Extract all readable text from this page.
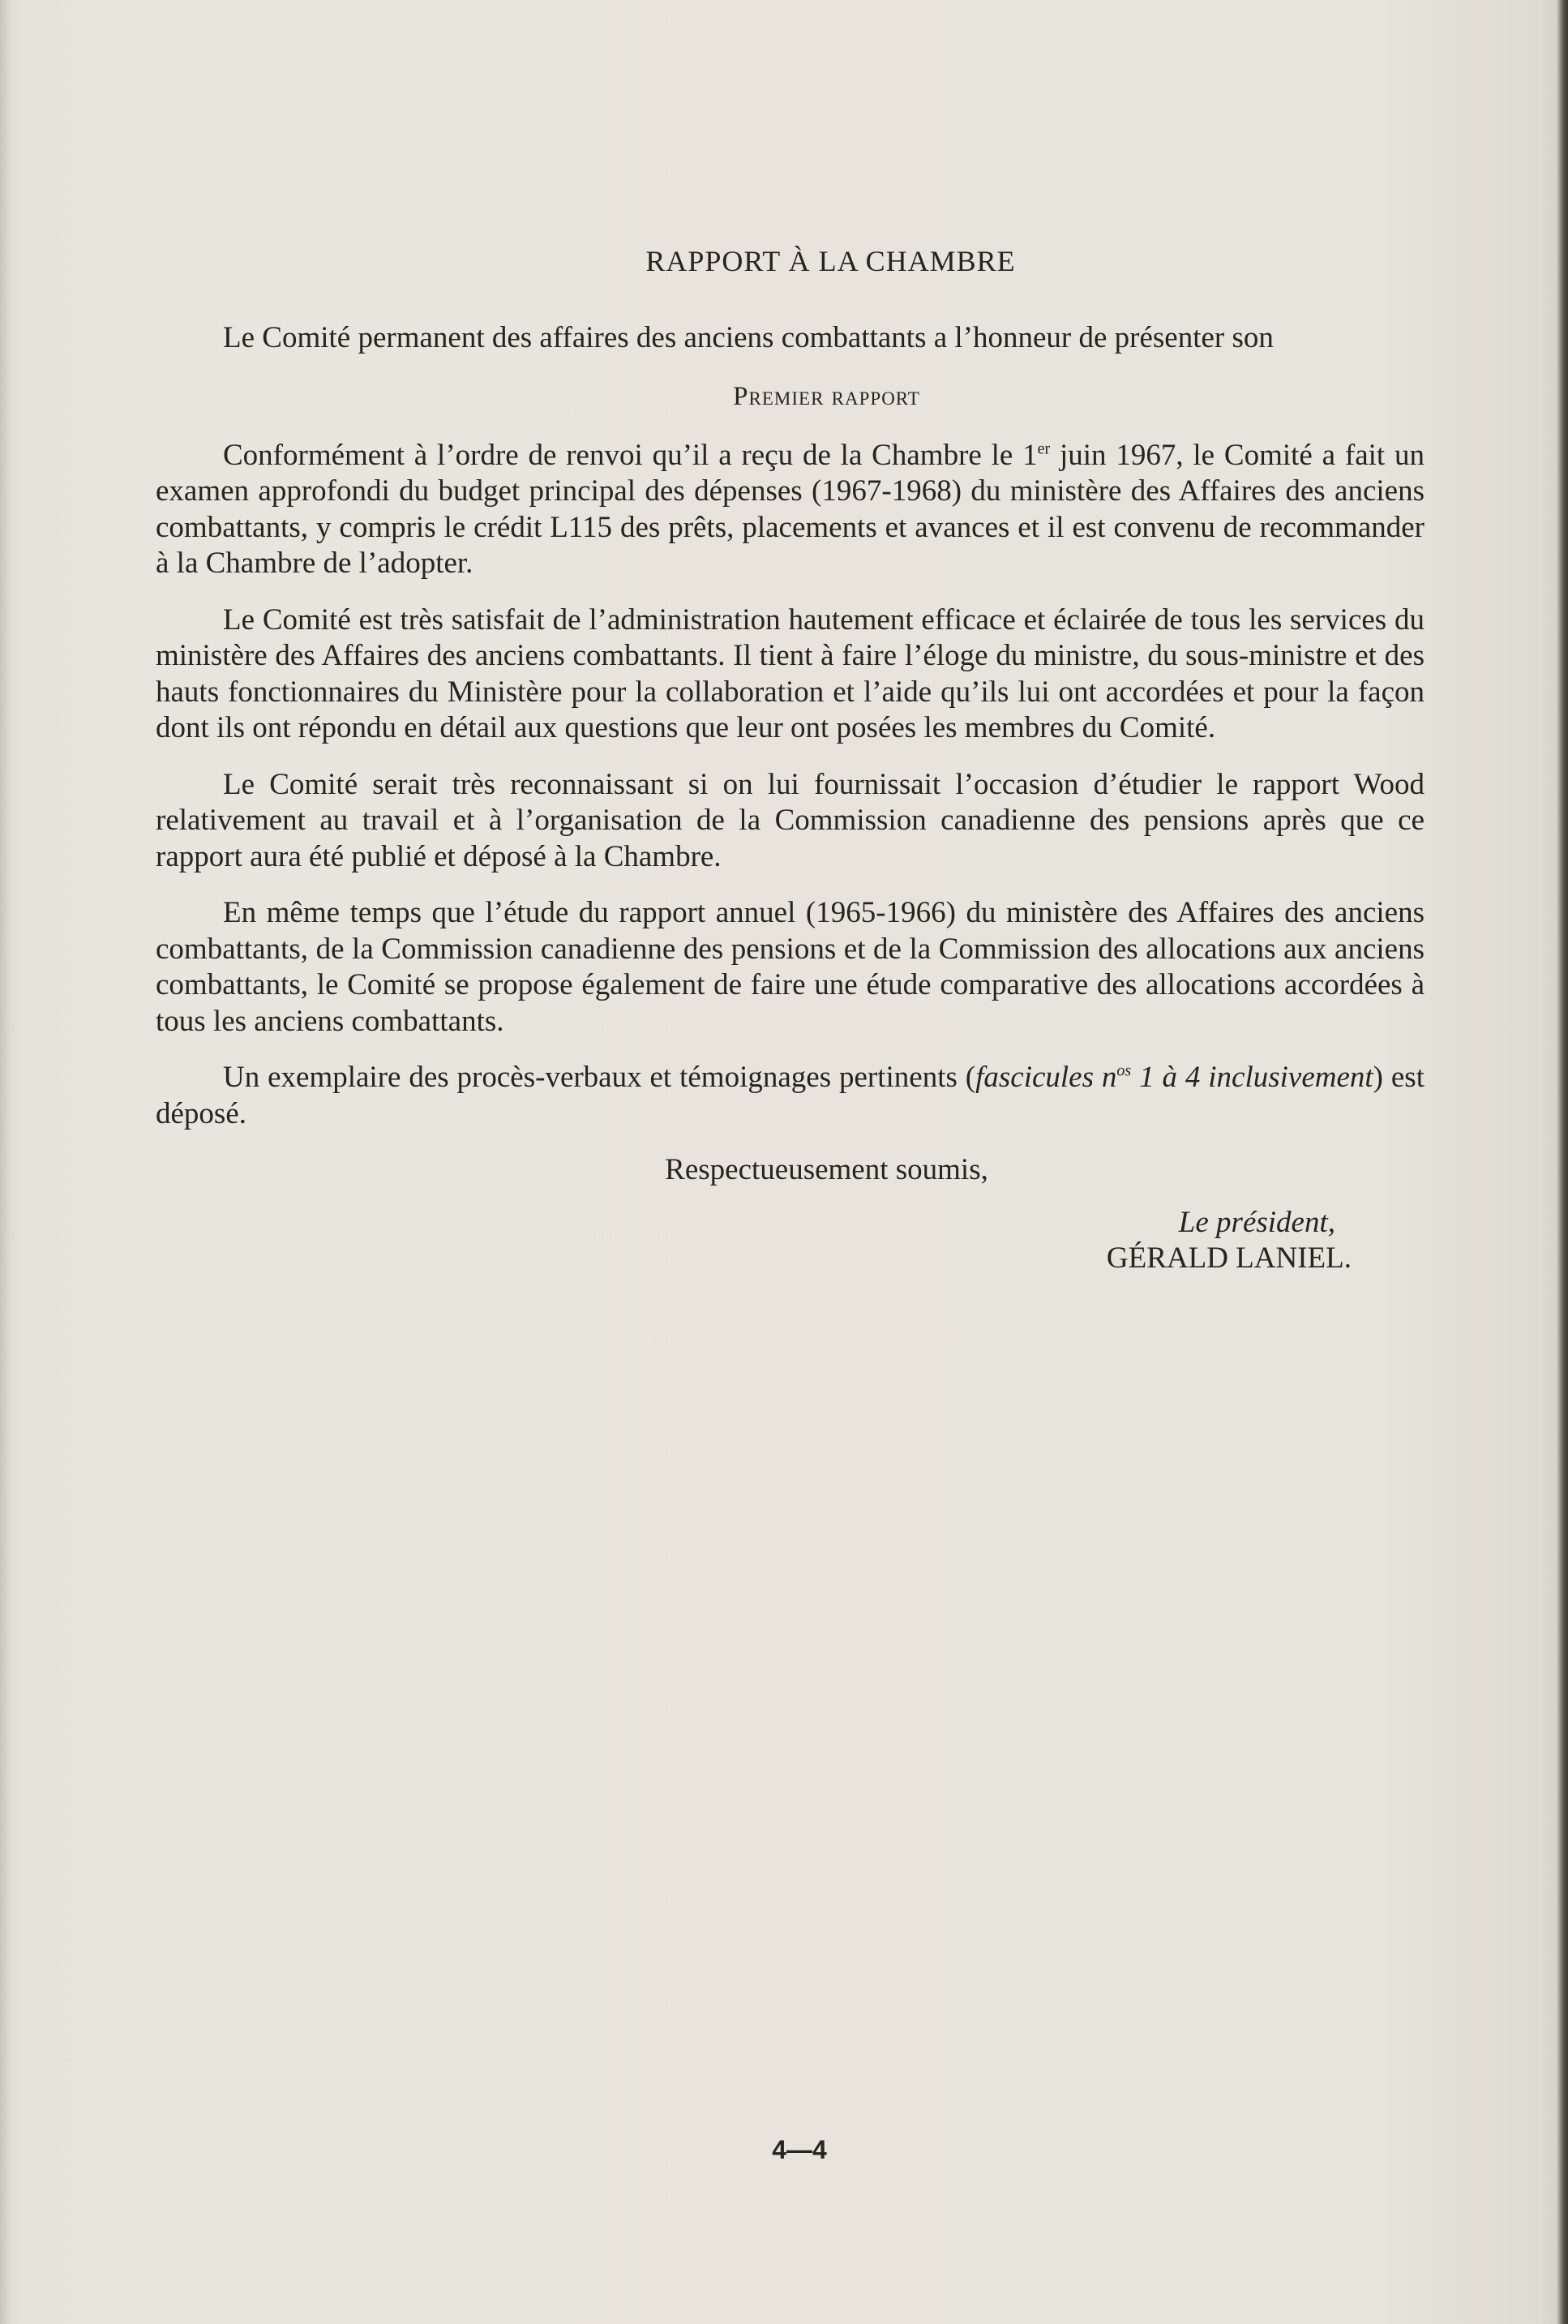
RAPPORT À LA CHAMBRE

Le Comité permanent des affaires des anciens combattants a l’honneur de présenter son

Premier rapport

Conformément à l’ordre de renvoi qu’il a reçu de la Chambre le 1er juin 1967, le Comité a fait un examen approfondi du budget principal des dépenses (1967-1968) du ministère des Affaires des anciens combattants, y compris le crédit L115 des prêts, placements et avances et il est convenu de recommander à la Chambre de l’adopter.

Le Comité est très satisfait de l’administration hautement efficace et éclairée de tous les services du ministère des Affaires des anciens combattants. Il tient à faire l’éloge du ministre, du sous-ministre et des hauts fonctionnaires du Ministère pour la collaboration et l’aide qu’ils lui ont accordées et pour la façon dont ils ont répondu en détail aux questions que leur ont posées les membres du Comité.

Le Comité serait très reconnaissant si on lui fournissait l’occasion d’étudier le rapport Wood relativement au travail et à l’organisation de la Commission canadienne des pensions après que ce rapport aura été publié et déposé à la Chambre.

En même temps que l’étude du rapport annuel (1965-1966) du ministère des Affaires des anciens combattants, de la Commission canadienne des pensions et de la Commission des allocations aux anciens combattants, le Comité se propose également de faire une étude comparative des allocations accordées à tous les anciens combattants.

Un exemplaire des procès-verbaux et témoignages pertinents (fascicules $n^{os}$ 1 à 4 inclusivement) est déposé.

Respectueusement soumis,

Le président,

GÉRALD LANIEL.

4—4
